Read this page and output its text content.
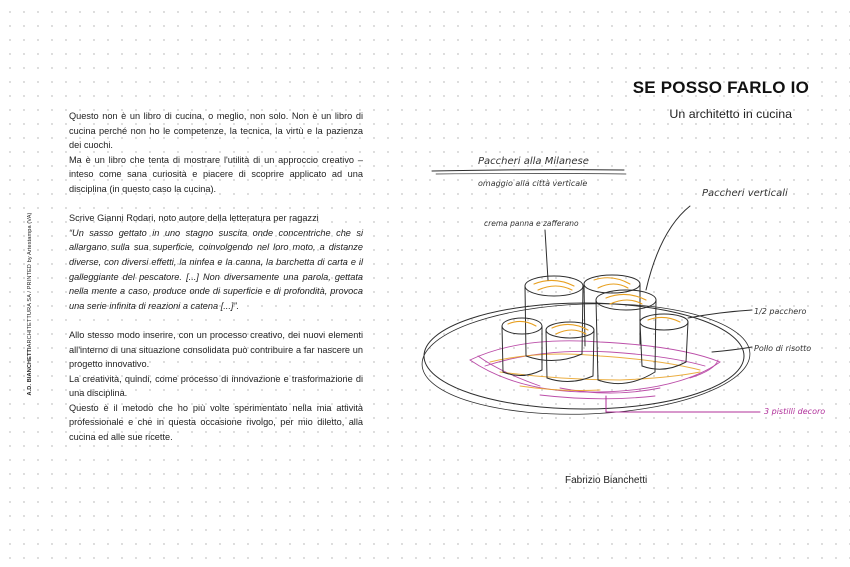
A.D. BIANCHETTIARCHITETTURA SA / PRINTED by Artestampa (VA)

Questo non è un libro di cucina, o meglio, non solo. Non è un libro di cucina perché non ho le competenze, la tecnica, la virtù e la pazienza dei cuochi.

Ma è un libro che tenta di mostrare l'utilità di un approccio creativo – inteso come sana curiosità e piacere di scoprire applicato ad una disciplina (in questo caso la cucina).

Scrive Gianni Rodari, noto autore della letteratura per ragazzi

“Un sasso gettato in uno stagno suscita onde concentriche che si allargano sulla sua superficie, coinvolgendo nel loro moto, a distanze diverse, con diversi effetti, la ninfea e la canna, la barchetta di carta e il galleggiante del pescatore. [...] Non diversamente una parola, gettata nella mente a caso, produce onde di superficie e di profondità, provoca una serie infinita di reazioni a catena [...]”.

Allo stesso modo inserire, con un processo creativo, dei nuovi elementi all'interno di una situazione consolidata può contribuire a far nascere un progetto innovativo.

La creatività, quindi, come processo di innovazione e trasformazione di una disciplina.

Questo è il metodo che ho più volte sperimentato nella mia attività professionale e che in questa occasione rivolgo, per mio diletto, alla cucina ed alle sue ricette.

SE POSSO FARLO IO
Un architetto in cucina
Paccheri alla Milanese
omaggio alla città verticale
crema panna e zafferano
Paccheri verticali
1/2 pacchero
Pollo di risotto
3 pistilli decoro
Fabrizio Bianchetti
